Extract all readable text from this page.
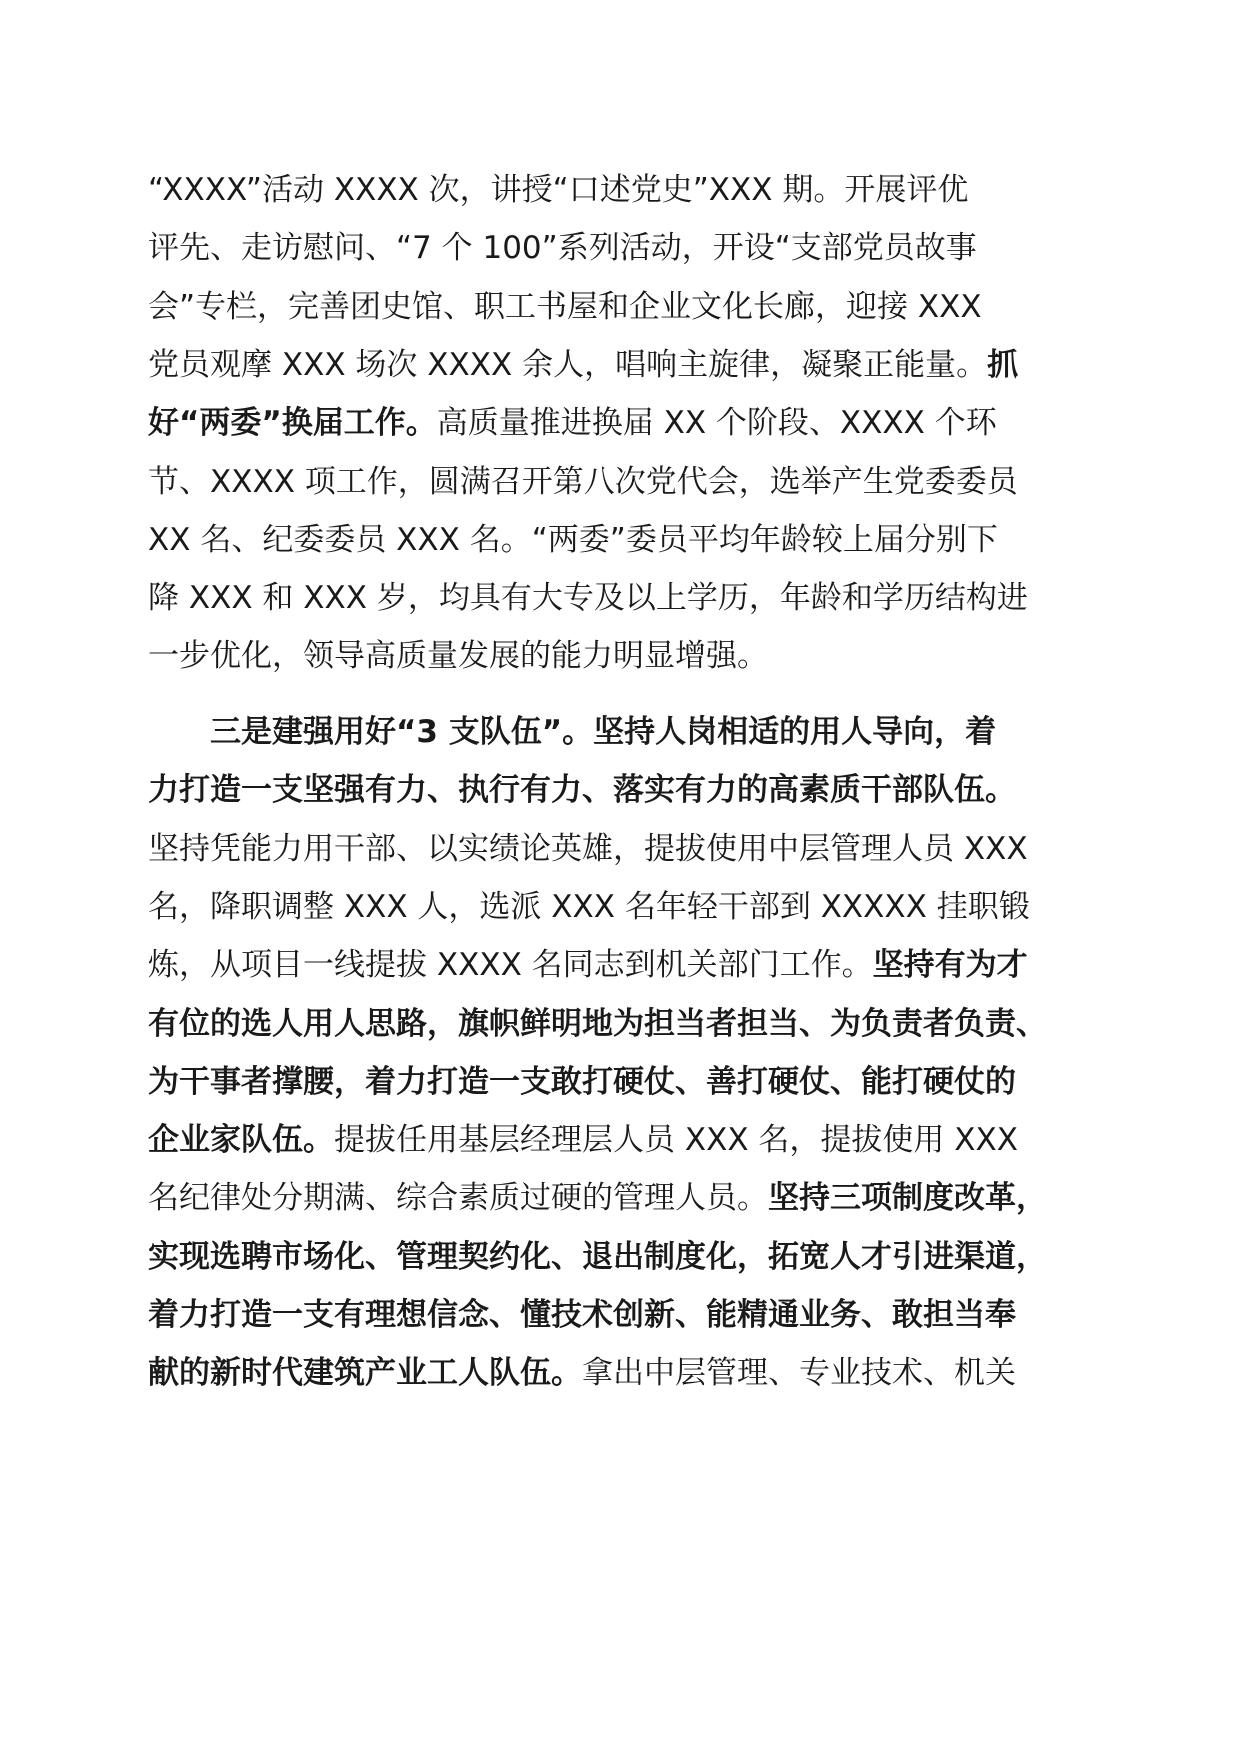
“XXXX”活动 XXXX 次，讲授“口述党史”XXX 期。开展评优
评先、走访慰问、“7 个 100”系列活动，开设“支部党员故事
会”专栏，完善团史馆、职工书屋和企业文化长廊，迎接 XXX
党员观摩 XXX 场次 XXXX 余人，唱响主旋律，凝聚正能量。抓
好“两委”换届工作。高质量推进换届 XX 个阶段、XXXX 个环
节、XXXX 项工作，圆满召开第八次党代会，选举产生党委委员
XX 名、纪委委员 XXX 名。“两委”委员平均年龄较上届分别下
降 XXX 和 XXX 岁，均具有大专及以上学历，年龄和学历结构进
一步优化，领导高质量发展的能力明显增强。
三是建强用好“3 支队伍”。坚持人岗相适的用人导向，着
力打造一支坚强有力、执行有力、落实有力的高素质干部队伍。
坚持凭能力用干部、以实绩论英雄，提拔使用中层管理人员 XXX
名，降职调整 XXX 人，选派 XXX 名年轻干部到 XXXXX 挂职锻
炼，从项目一线提拔 XXXX 名同志到机关部门工作。坚持有为才
有位的选人用人思路，旗帜鲜明地为担当者担当、为负责者负责、
为干事者撑腰，着力打造一支敢打硬仗、善打硬仗、能打硬仗的
企业家队伍。提拔任用基层经理层人员 XXX 名，提拔使用 XXX
名纪律处分期满、综合素质过硬的管理人员。坚持三项制度改革，
实现选聘市场化、管理契约化、退出制度化，拓宽人才引进渠道，
着力打造一支有理想信念、懂技术创新、能精通业务、敢担当奉
献的新时代建筑产业工人队伍。拿出中层管理、专业技术、机关
